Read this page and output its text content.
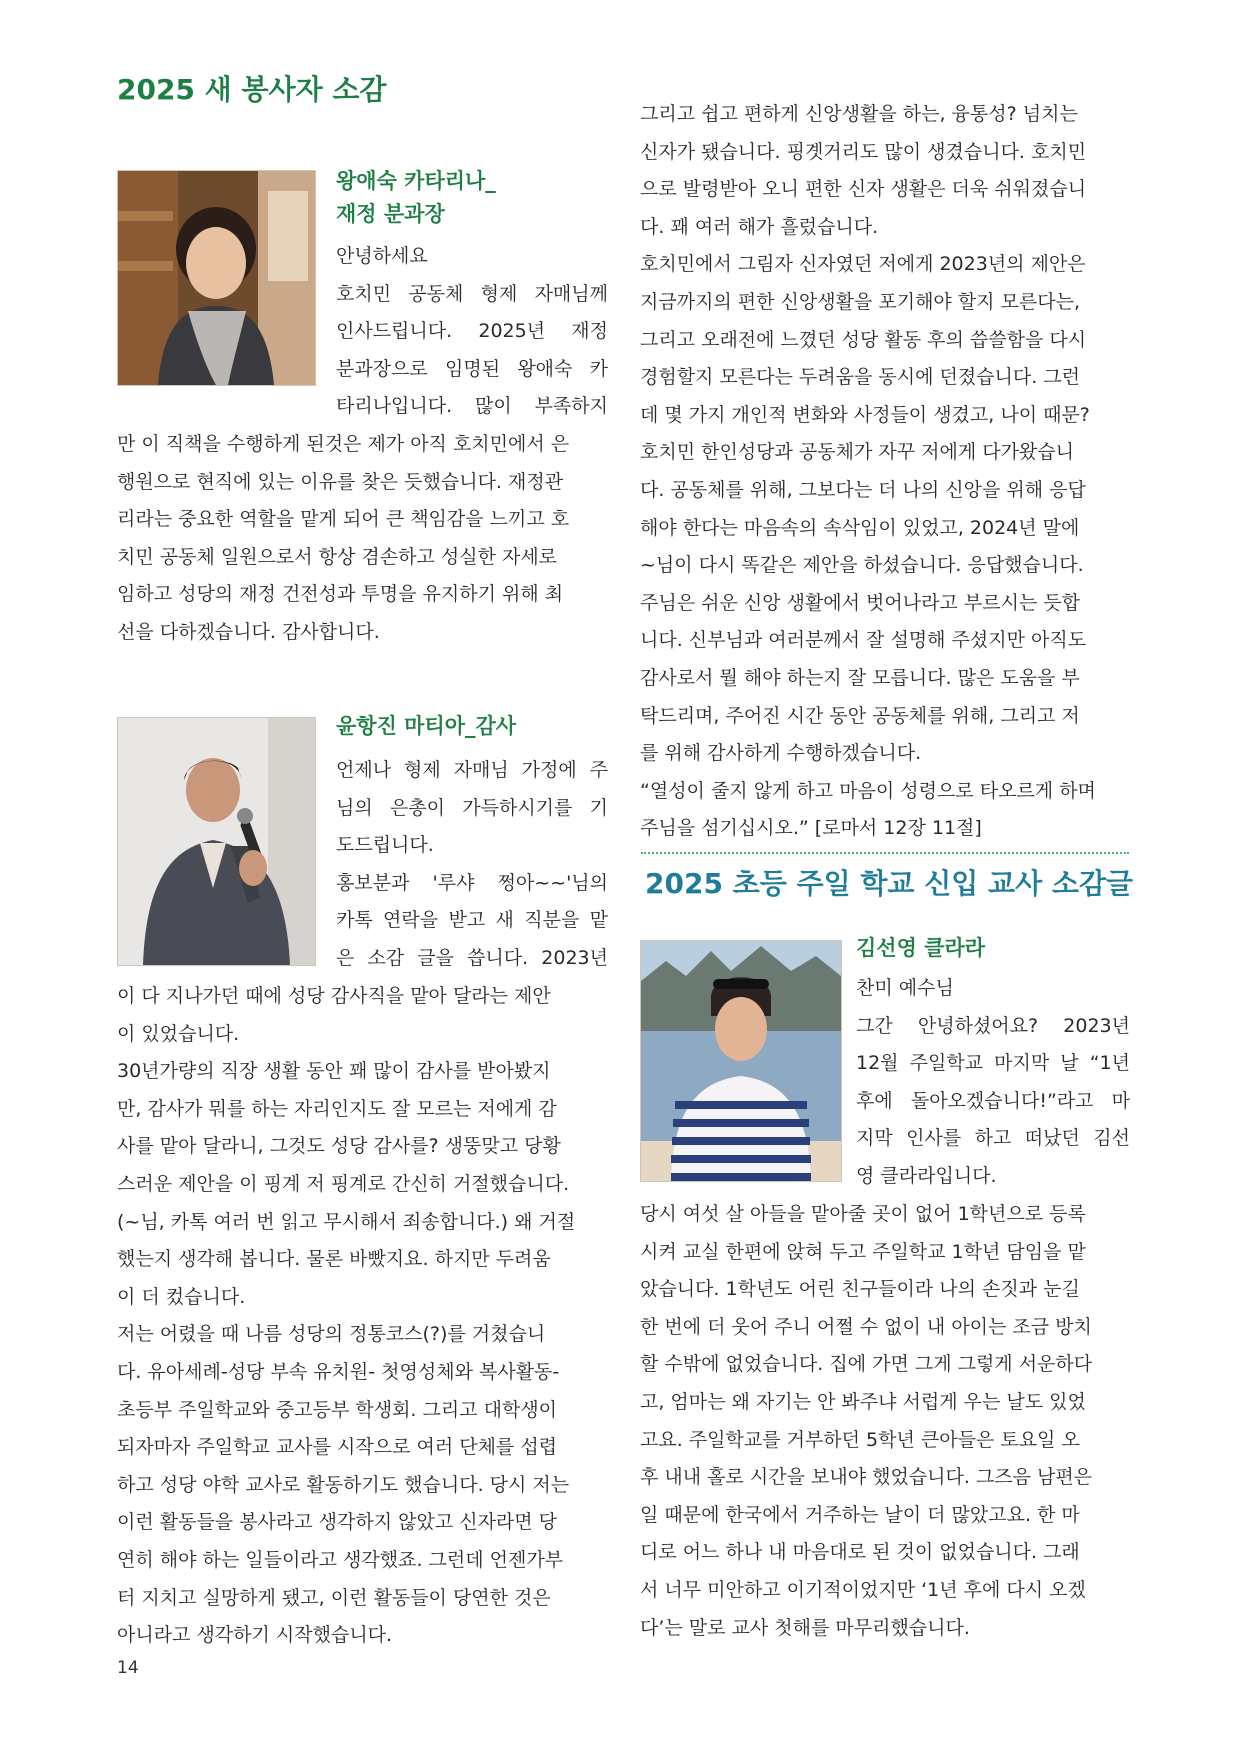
2025 새 봉사자 소감

왕애숙 카타리나_
재정 분과장

안녕하세요
호치민 공동체 형제 자매님께
인사드립니다. 2025년 재정
분과장으로 임명된 왕애숙 카
타리나입니다. 많이 부족하지
만 이 직책을 수행하게 된것은 제가 아직 호치민에서 은
행원으로 현직에 있는 이유를 찾은 듯했습니다. 재정관
리라는 중요한 역할을 맡게 되어 큰 책임감을 느끼고 호
치민 공동체 일원으로서 항상 겸손하고 성실한 자세로
임하고 성당의 재정 건전성과 투명을 유지하기 위해 최
선을 다하겠습니다. 감사합니다.

윤항진 마티아_감사

언제나 형제 자매님 가정에 주
님의 은총이 가득하시기를 기
도드립니다.
홍보분과 '루샤 쩡아~~'님의
카톡 연락을 받고 새 직분을 맡
은 소감 글을 씁니다. 2023년
이 다 지나가던 때에 성당 감사직을 맡아 달라는 제안
이 있었습니다.
30년가량의 직장 생활 동안 꽤 많이 감사를 받아봤지
만, 감사가 뭐를 하는 자리인지도 잘 모르는 저에게 감
사를 맡아 달라니, 그것도 성당 감사를? 생뚱맞고 당황
스러운 제안을 이 핑계 저 핑계로 간신히 거절했습니다.
(~님, 카톡 여러 번 읽고 무시해서 죄송합니다.) 왜 거절
했는지 생각해 봅니다. 물론 바빴지요. 하지만 두려움
이 더 컸습니다.
저는 어렸을 때 나름 성당의 정통코스(?)를 거쳤습니
다. 유아세례-성당 부속 유치원- 첫영성체와 복사활동-
초등부 주일학교와 중고등부 학생회. 그리고 대학생이
되자마자 주일학교 교사를 시작으로 여러 단체를 섭렵
하고 성당 야학 교사로 활동하기도 했습니다. 당시 저는
이런 활동들을 봉사라고 생각하지 않았고 신자라면 당
연히 해야 하는 일들이라고 생각했죠. 그런데 언젠가부
터 지치고 실망하게 됐고, 이런 활동들이 당연한 것은
아니라고 생각하기 시작했습니다.
그리고 쉽고 편하게 신앙생활을 하는, 융통성? 넘치는
신자가 됐습니다. 핑곗거리도 많이 생겼습니다. 호치민
으로 발령받아 오니 편한 신자 생활은 더욱 쉬워졌습니
다. 꽤 여러 해가 흘렀습니다.
호치민에서 그림자 신자였던 저에게 2023년의 제안은
지금까지의 편한 신앙생활을 포기해야 할지 모른다는,
그리고 오래전에 느꼈던 성당 활동 후의 씁쓸함을 다시
경험할지 모른다는 두려움을 동시에 던졌습니다. 그런
데 몇 가지 개인적 변화와 사정들이 생겼고, 나이 때문?
호치민 한인성당과 공동체가 자꾸 저에게 다가왔습니
다. 공동체를 위해, 그보다는 더 나의 신앙을 위해 응답
해야 한다는 마음속의 속삭임이 있었고, 2024년 말에
~님이 다시 똑같은 제안을 하셨습니다. 응답했습니다.
주님은 쉬운 신앙 생활에서 벗어나라고 부르시는 듯합
니다. 신부님과 여러분께서 잘 설명해 주셨지만 아직도
감사로서 뭘 해야 하는지 잘 모릅니다. 많은 도움을 부
탁드리며, 주어진 시간 동안 공동체를 위해, 그리고 저
를 위해 감사하게 수행하겠습니다.
“열성이 줄지 않게 하고 마음이 성령으로 타오르게 하며
주님을 섬기십시오.” [로마서 12장 11절]

김선영 클라라

찬미 예수님
그간 안녕하셨어요? 2023년
12월 주일학교 마지막 날 “1년
후에 돌아오겠습니다!”라고 마
지막 인사를 하고 떠났던 김선
영 클라라입니다.
당시 여섯 살 아들을 맡아줄 곳이 없어 1학년으로 등록
시켜 교실 한편에 앉혀 두고 주일학교 1학년 담임을 맡
았습니다. 1학년도 어린 친구들이라 나의 손짓과 눈길
한 번에 더 웃어 주니 어쩔 수 없이 내 아이는 조금 방치
할 수밖에 없었습니다. 집에 가면 그게 그렇게 서운하다
고, 엄마는 왜 자기는 안 봐주냐 서럽게 우는 날도 있었
고요. 주일학교를 거부하던 5학년 큰아들은 토요일 오
후 내내 홀로 시간을 보내야 했었습니다. 그즈음 남편은
일 때문에 한국에서 거주하는 날이 더 많았고요. 한 마
디로 어느 하나 내 마음대로 된 것이 없었습니다. 그래
서 너무 미안하고 이기적이었지만 ‘1년 후에 다시 오겠
다’는 말로 교사 첫해를 마무리했습니다.
2025 초등 주일 학교 신입 교사 소감글
14
